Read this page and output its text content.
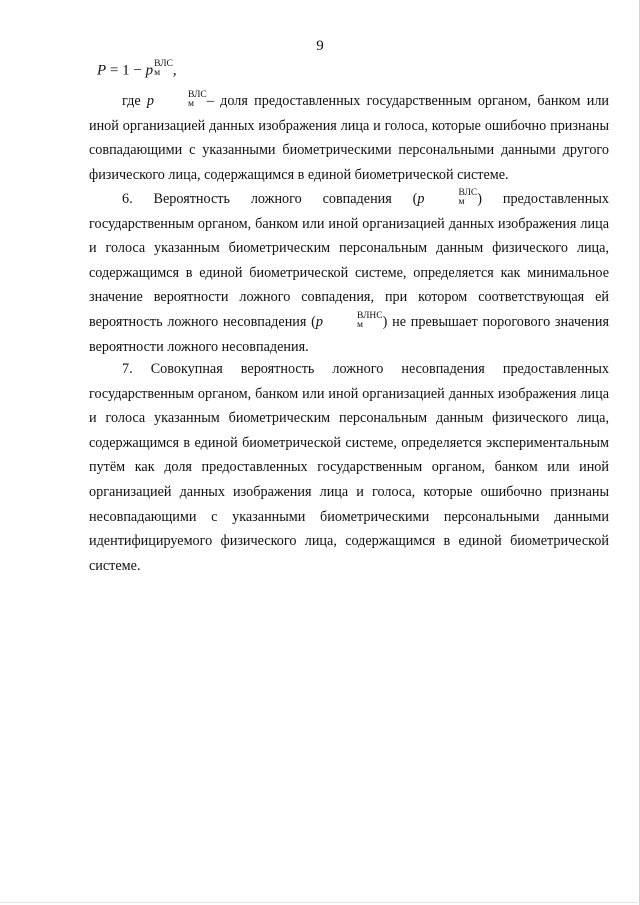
9
P = 1 − p ВЛС
м ,

где p	ВЛС
м – доля предоставленных государственным органом, банком или иной организацией данных изображения лица и голоса, которые ошибочно признаны совпадающими с указанными биометрическими персональными данными другого физического лица, содержащимся в единой биометрической системе.

6. Вероятность ложного совпадения (p	ВЛС
м ) предоставленных государственным органом, банком или иной организацией данных изображения лица и голоса указанным биометрическим персональным данным физического лица, содержащимся в единой биометрической системе, определяется как минимальное значение вероятности ложного совпадения, при котором соответствующая ей вероятность ложного несовпадения (p	ВЛНС
м	) не превышает порогового значения вероятности ложного несовпадения.

7. Совокупная вероятность ложного несовпадения предоставленных государственным органом, банком или иной организацией данных изображения лица и голоса указанным биометрическим персональным данным физического лица, содержащимся в единой биометрической системе, определяется экспериментальным путём как доля предоставленных государственным органом, банком или иной организацией данных изображения лица и голоса, которые ошибочно признаны несовпадающими с указанными биометрическими персональными данными идентифицируемого физического лица, содержащимся в единой биометрической системе.
